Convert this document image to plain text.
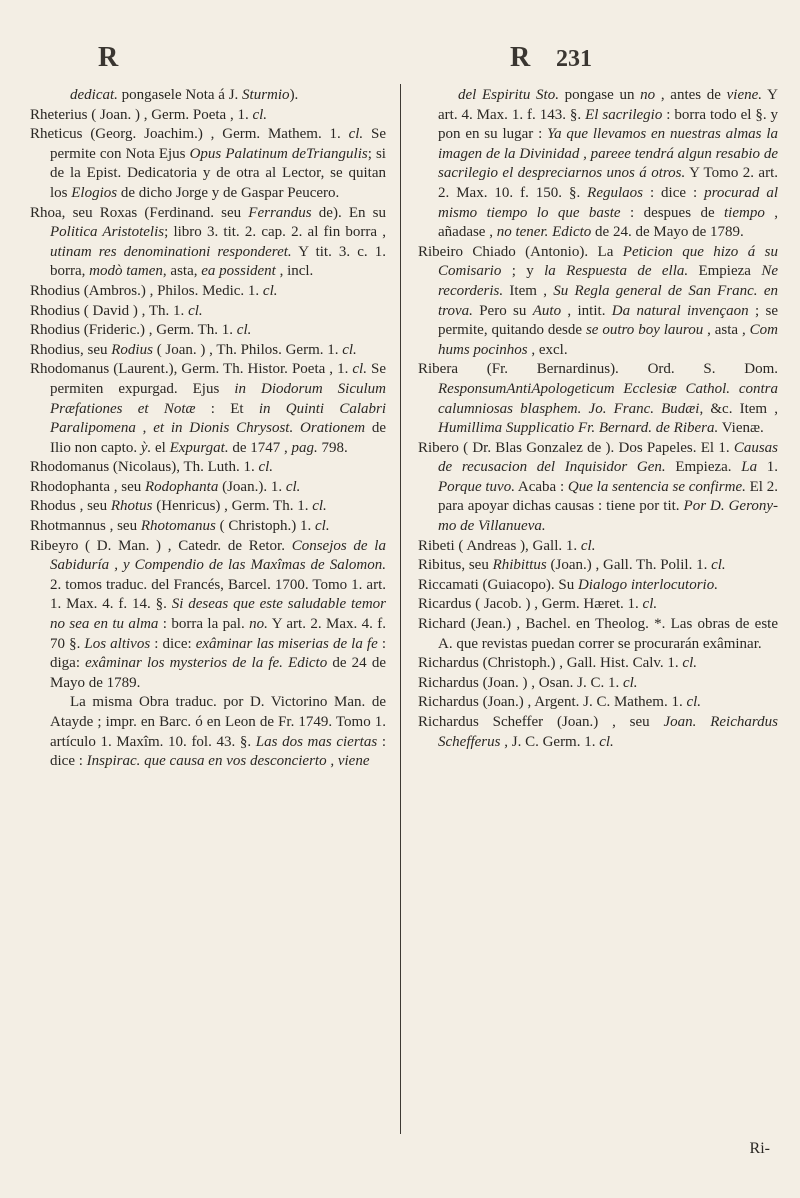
R	R 231

dedicat. pongasele Nota á J. Sturmio).

Rheterius ( Joan. ) , Germ. Poeta , 1. cl.

Rheticus (Georg. Joachim.) , Germ. Mathem. 1. cl. Se permite con Nota Ejus Opus Palatinum deTriangulis; si de la Epist. Dedicatoria y de otra al Lector, se quitan los Elogios de dicho Jorge y de Gaspar Peucero.

Rhoa, seu Roxas (Ferdinand. seu Ferrandus de). En su Politica Aristotelis; libro 3. tit. 2. cap. 2. al fin borra , utinam res denominationi responderet. Y tit. 3. c. 1. borra, modò tamen, asta, ea possident , incl.

Rhodius (Ambros.) , Philos. Medic. 1. cl.

Rhodius ( David ) , Th. 1. cl.

Rhodius (Frideric.) , Germ. Th. 1. cl.

Rhodius, seu Rodius ( Joan. ) , Th. Philos. Germ. 1. cl.

Rhodomanus (Laurent.), Germ. Th. Histor. Poeta , 1. cl. Se permiten expurgad. Ejus in Diodorum Siculum Præfationes et Notæ : Et in Quinti Calabri Paralipomena , et in Dionis Chrysost. Orationem de Ilio non capto. ỳ. el Expurgat. de 1747 , pag. 798.

Rhodomanus (Nicolaus), Th. Luth. 1. cl.

Rhodophanta , seu Rodophanta (Joan.). 1. cl.

Rhodus , seu Rhotus (Henricus) , Germ. Th. 1. cl.

Rhotmannus , seu Rhotomanus ( Christoph.) 1. cl.

Ribeyro ( D. Man. ) , Catedr. de Retor. Consejos de la Sabiduría , y Compendio de las Maxîmas de Salomon. 2. tomos traduc. del Francés, Barcel. 1700. Tomo 1. art. 1. Max. 4. f. 14. §. Si deseas que este saludable temor no sea en tu alma : borra la pal. no. Y art. 2. Max. 4. f. 70 §. Los altivos : dice: exâminar las miserias de la fe : diga: exâminar los mysterios de la fe. Edicto de 24 de Mayo de 1789.

La misma Obra traduc. por D. Victorino Man. de Atayde ; impr. en Barc. ó en Leon de Fr. 1749. Tomo 1. artículo 1. Maxîm. 10. fol. 43. §. Las dos mas ciertas : dice : Inspirac. que causa en vos desconcierto , viene

del Espiritu Sto. pongase un no , antes de viene. Y art. 4. Max. 1. f. 143. §. El sacrilegio : borra todo el §. y pon en su lugar : Ya que llevamos en nuestras almas la imagen de la Divinidad , pareee tendrá algun resabio de sacrilegio el despreciarnos unos á otros. Y Tomo 2. art. 2. Max. 10. f. 150. §. Regulaos : dice : procurad al mismo tiempo lo que baste : despues de tiempo , añadase , no tener. Edicto de 24. de Mayo de 1789.

Ribeiro Chiado (Antonio). La Peticion que hizo á su Comisario ; y la Respuesta de ella. Empieza Ne recorderis. Item , Su Regla general de San Franc. en trova. Pero su Auto , intit. Da natural invençaon ; se permite, quitando desde se outro boy laurou , asta , Com hums pocinhos , excl.

Ribera (Fr. Bernardinus). Ord. S. Dom. ResponsumAntiApologeticum Ecclesiæ Cathol. contra calumniosas blasphem. Jo. Franc. Budæi, &c. Item , Humillima Supplicatio Fr. Bernard. de Ribera. Vienæ.

Ribero ( Dr. Blas Gonzalez de ). Dos Papeles. El 1. Causas de recusacion del Inquisidor Gen. Empieza. La 1. Porque tuvo. Acaba : Que la sentencia se confirme. El 2. para apoyar dichas causas : tiene por tit. Por D. Gerony-mo de Villanueva.

Ribeti ( Andreas ), Gall. 1. cl.

Ribitus, seu Rhibittus (Joan.) , Gall. Th. Polil. 1. cl.

Riccamati (Guiacopo). Su Dialogo interlocutorio.

Ricardus ( Jacob. ) , Germ. Hæret. 1. cl.

Richard (Jean.) , Bachel. en Theolog. *. Las obras de este A. que revistas puedan correr se procurarán exâminar.

Richardus (Christoph.) , Gall. Hist. Calv. 1. cl.

Richardus (Joan. ) , Osan. J. C. 1. cl.

Richardus (Joan.) , Argent. J. C. Mathem. 1. cl.

Richardus Scheffer (Joan.) , seu Joan. Reichardus Schefferus , J. C. Germ. 1. cl.

Ri-
